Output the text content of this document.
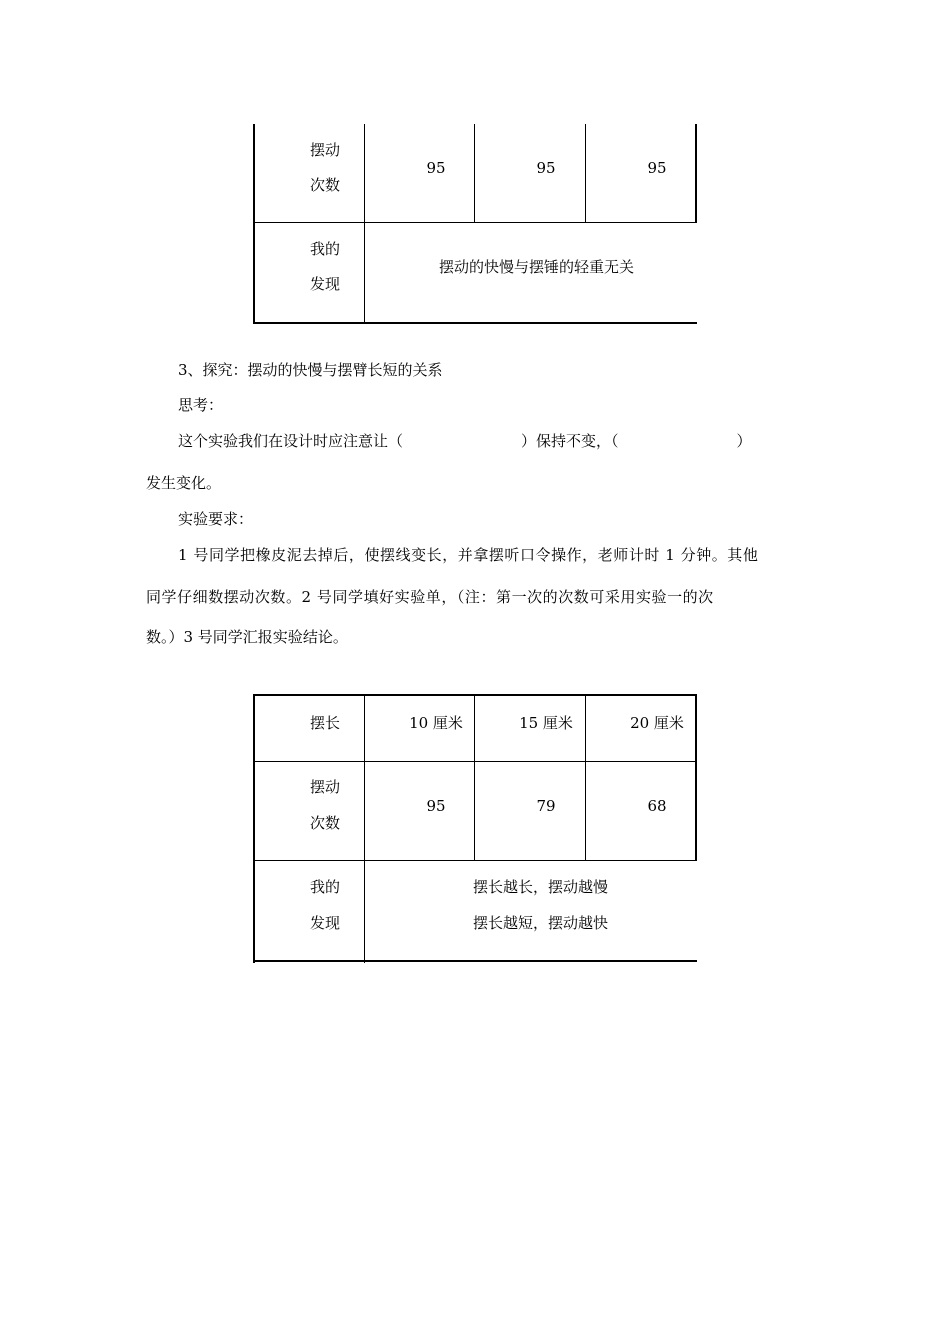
摆动
次数
95	95	95
我的
发现
摆动的快慢与摆锤的轻重无关
3、探究：摆动的快慢与摆臂长短的关系
思考：
这个实验我们在设计时应注意让（	）保持不变，（	）
发生变化。
实验要求：
1 号同学把橡皮泥去掉后，使摆线变长，并拿摆听口令操作，老师计时 1 分钟。其他
同学仔细数摆动次数。2 号同学填好实验单，（注：第一次的次数可采用实验一的次
数。）3 号同学汇报实验结论。
摆长	10 厘米	15 厘米	20 厘米
摆动
次数
95	79	68
我的
发现
摆长越长，摆动越慢
摆长越短，摆动越快
